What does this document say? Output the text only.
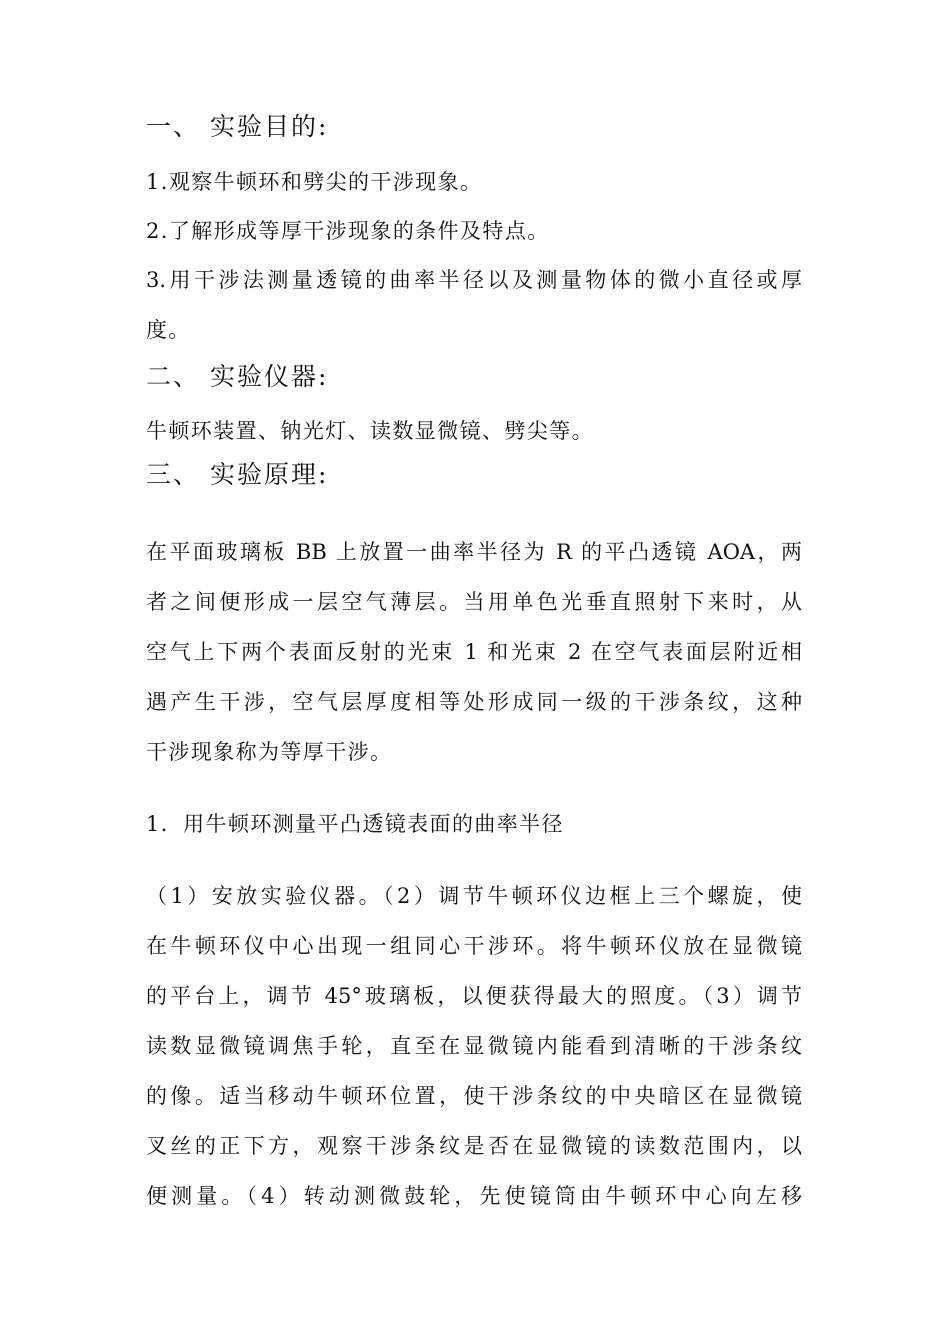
一、 实验目的:
1.观察牛顿环和劈尖的干涉现象。
2.了解形成等厚干涉现象的条件及特点。
3.用干涉法测量透镜的曲率半径以及测量物体的微小直径或厚
度。
二、 实验仪器:
牛顿环装置、钠光灯、读数显微镜、劈尖等。
三、 实验原理:
在平面玻璃板 BB 上放置一曲率半径为 R 的平凸透镜 AOA，两
者之间便形成一层空气薄层。当用单色光垂直照射下来时，从
空气上下两个表面反射的光束 1 和光束 2 在空气表面层附近相
遇产生干涉，空气层厚度相等处形成同一级的干涉条纹，这种
干涉现象称为等厚干涉。
1．用牛顿环测量平凸透镜表面的曲率半径
（1）安放实验仪器。（2）调节牛顿环仪边框上三个螺旋，使
在牛顿环仪中心出现一组同心干涉环。将牛顿环仪放在显微镜
的平台上，调节 45°玻璃板，以便获得最大的照度。（3）调节
读数显微镜调焦手轮，直至在显微镜内能看到清晰的干涉条纹
的像。适当移动牛顿环位置，使干涉条纹的中央暗区在显微镜
叉丝的正下方，观察干涉条纹是否在显微镜的读数范围内，以
便测量。（4）转动测微鼓轮，先使镜筒由牛顿环中心向左移
